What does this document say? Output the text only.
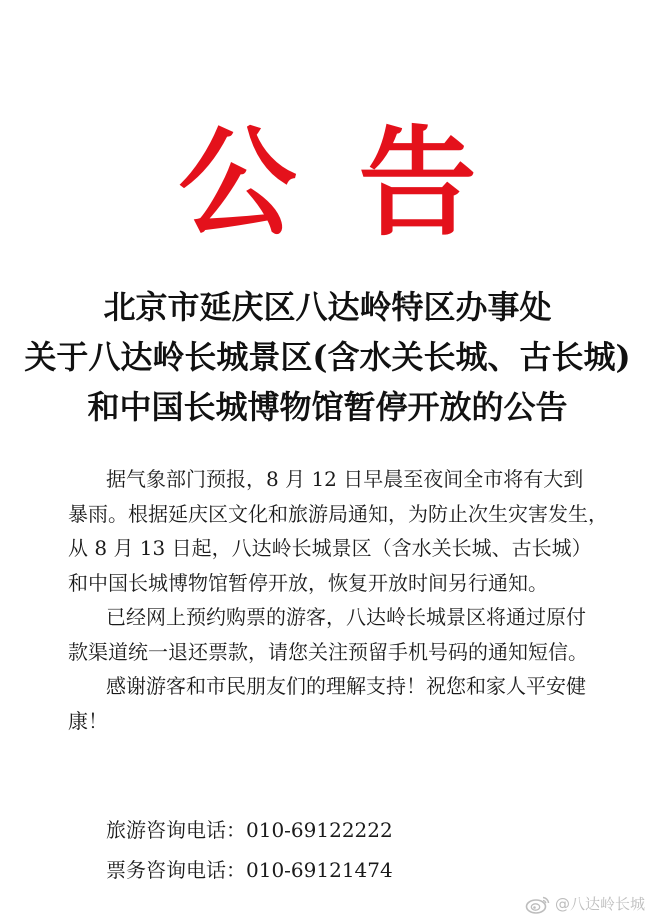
公告
北京市延庆区八达岭特区办事处
关于八达岭长城景区(含水关长城、古长城)
和中国长城博物馆暂停开放的公告
据气象部门预报，8 月 12 日早晨至夜间全市将有大到
暴雨。根据延庆区文化和旅游局通知，为防止次生灾害发生，
从 8 月 13 日起，八达岭长城景区（含水关长城、古长城）
和中国长城博物馆暂停开放，恢复开放时间另行通知。
已经网上预约购票的游客，八达岭长城景区将通过原付
款渠道统一退还票款，请您关注预留手机号码的通知短信。
感谢游客和市民朋友们的理解支持！祝您和家人平安健
康！
旅游咨询电话：010-69122222
票务咨询电话：010-69121474
@八达岭长城
